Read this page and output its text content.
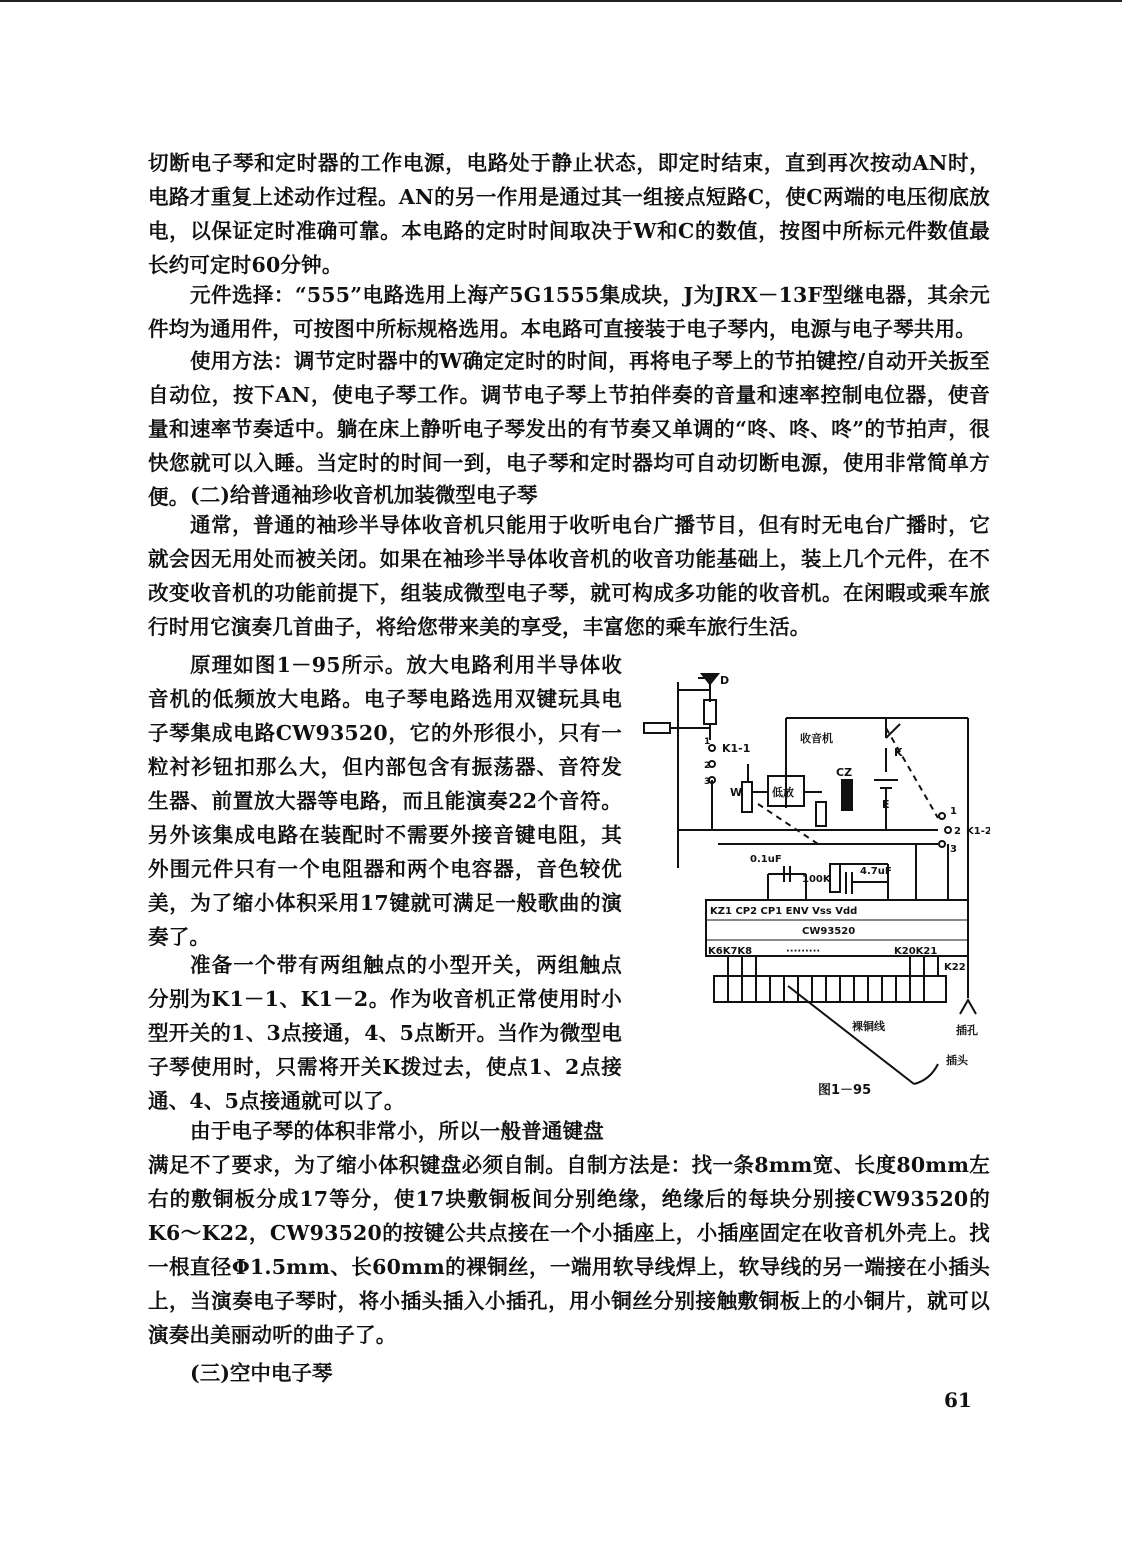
切断电子琴和定时器的工作电源，电路处于静止状态，即定时结束，直到再次按动AN时，电路才重复上述动作过程。AN的另一作用是通过其一组接点短路C，使C两端的电压彻底放电，以保证定时准确可靠。本电路的定时时间取决于W和C的数值，按图中所标元件数值最长约可定时60分钟。
元件选择：“555”电路选用上海产5G1555集成块，J为JRX－13F型继电器，其余元件均为通用件，可按图中所标规格选用。本电路可直接装于电子琴内，电源与电子琴共用。
使用方法：调节定时器中的W确定定时的时间，再将电子琴上的节拍键控/自动开关扳至自动位，按下AN，使电子琴工作。调节电子琴上节拍伴奏的音量和速率控制电位器，使音量和速率节奏适中。躺在床上静听电子琴发出的有节奏又单调的“咚、咚、咚”的节拍声，很快您就可以入睡。当定时的时间一到，电子琴和定时器均可自动切断电源，使用非常简单方便。 (二)给普通袖珍收音机加装微型电子琴
通常，普通的袖珍半导体收音机只能用于收听电台广播节目，但有时无电台广播时，它就会因无用处而被关闭。如果在袖珍半导体收音机的收音功能基础上，装上几个元件，在不改变收音机的功能前提下，组装成微型电子琴，就可构成多功能的收音机。在闲暇或乘车旅行时用它演奏几首曲子，将给您带来美的享受，丰富您的乘车旅行生活。
原理如图1－95所示。放大电路利用半导体收音机的低频放大电路。电子琴电路选用双键玩具电子琴集成电路CW93520，它的外形很小，只有一粒衬衫钮扣那么大，但内部包含有振荡器、音符发生器、前置放大器等电路，而且能演奏22个音符。另外该集成电路在装配时不需要外接音键电阻，其外围元件只有一个电阻器和两个电容器，音色较优美，为了缩小体积采用17键就可满足一般歌曲的演奏了。
准备一个带有两组触点的小型开关，两组触点分别为K1－1、K1－2。作为收音机正常使用时小型开关的1、3点接通，4、5点断开。当作为微型电子琴使用时，只需将开关K拨过去，使点1、2点接通、4、5点接通就可以了。
由于电子琴的体积非常小，所以一般普通键盘
满足不了要求，为了缩小体积键盘必须自制。自制方法是：找一条8mm宽、长度80mm左右的敷铜板分成17等分，使17块敷铜板间分别绝缘，绝缘后的每块分别接CW93520的K6～K22，CW93520的按键公共点接在一个小插座上，小插座固定在收音机外壳上。找一根直径Φ1.5mm、长60mm的裸铜丝，一端用软导线焊上，软导线的另一端接在小插头上，当演奏电子琴时，将小插头插入小插孔，用小铜丝分别接触敷铜板上的小铜片，就可以演奏出美丽动听的曲子了。
(三)空中电子琴
61
D
K1-1
1
2
3
收音机
K
W	低放
CZ
E
1
2
3
K1-2
0.1uF
4.7uF
100K
KZ1 CP2 CP1 ENV Vss Vdd
CW93520
K6K7K8	·········	K20K21
K22
裸铜线	插孔
插头
图1－95
